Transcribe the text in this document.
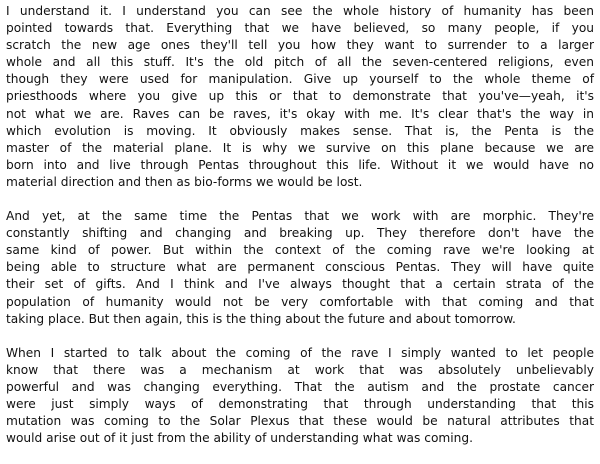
I understand it. I understand you can see the whole history of humanity has been
pointed towards that. Everything that we have believed, so many people, if you
scratch the new age ones they'll tell you how they want to surrender to a larger
whole and all this stuff. It's the old pitch of all the seven-centered religions, even
though they were used for manipulation. Give up yourself to the whole theme of
priesthoods where you give up this or that to demonstrate that you've—yeah, it's
not what we are. Raves can be raves, it's okay with me. It's clear that's the way in
which evolution is moving. It obviously makes sense. That is, the Penta is the
master of the material plane. It is why we survive on this plane because we are
born into and live through Pentas throughout this life. Without it we would have no
material direction and then as bio-forms we would be lost.
And yet, at the same time the Pentas that we work with are morphic. They're
constantly shifting and changing and breaking up. They therefore don't have the
same kind of power. But within the context of the coming rave we're looking at
being able to structure what are permanent conscious Pentas. They will have quite
their set of gifts. And I think and I've always thought that a certain strata of the
population of humanity would not be very comfortable with that coming and that
taking place. But then again, this is the thing about the future and about tomorrow.
When I started to talk about the coming of the rave I simply wanted to let people
know that there was a mechanism at work that was absolutely unbelievably
powerful and was changing everything. That the autism and the prostate cancer
were just simply ways of demonstrating that through understanding that this
mutation was coming to the Solar Plexus that these would be natural attributes that
would arise out of it just from the ability of understanding what was coming.
